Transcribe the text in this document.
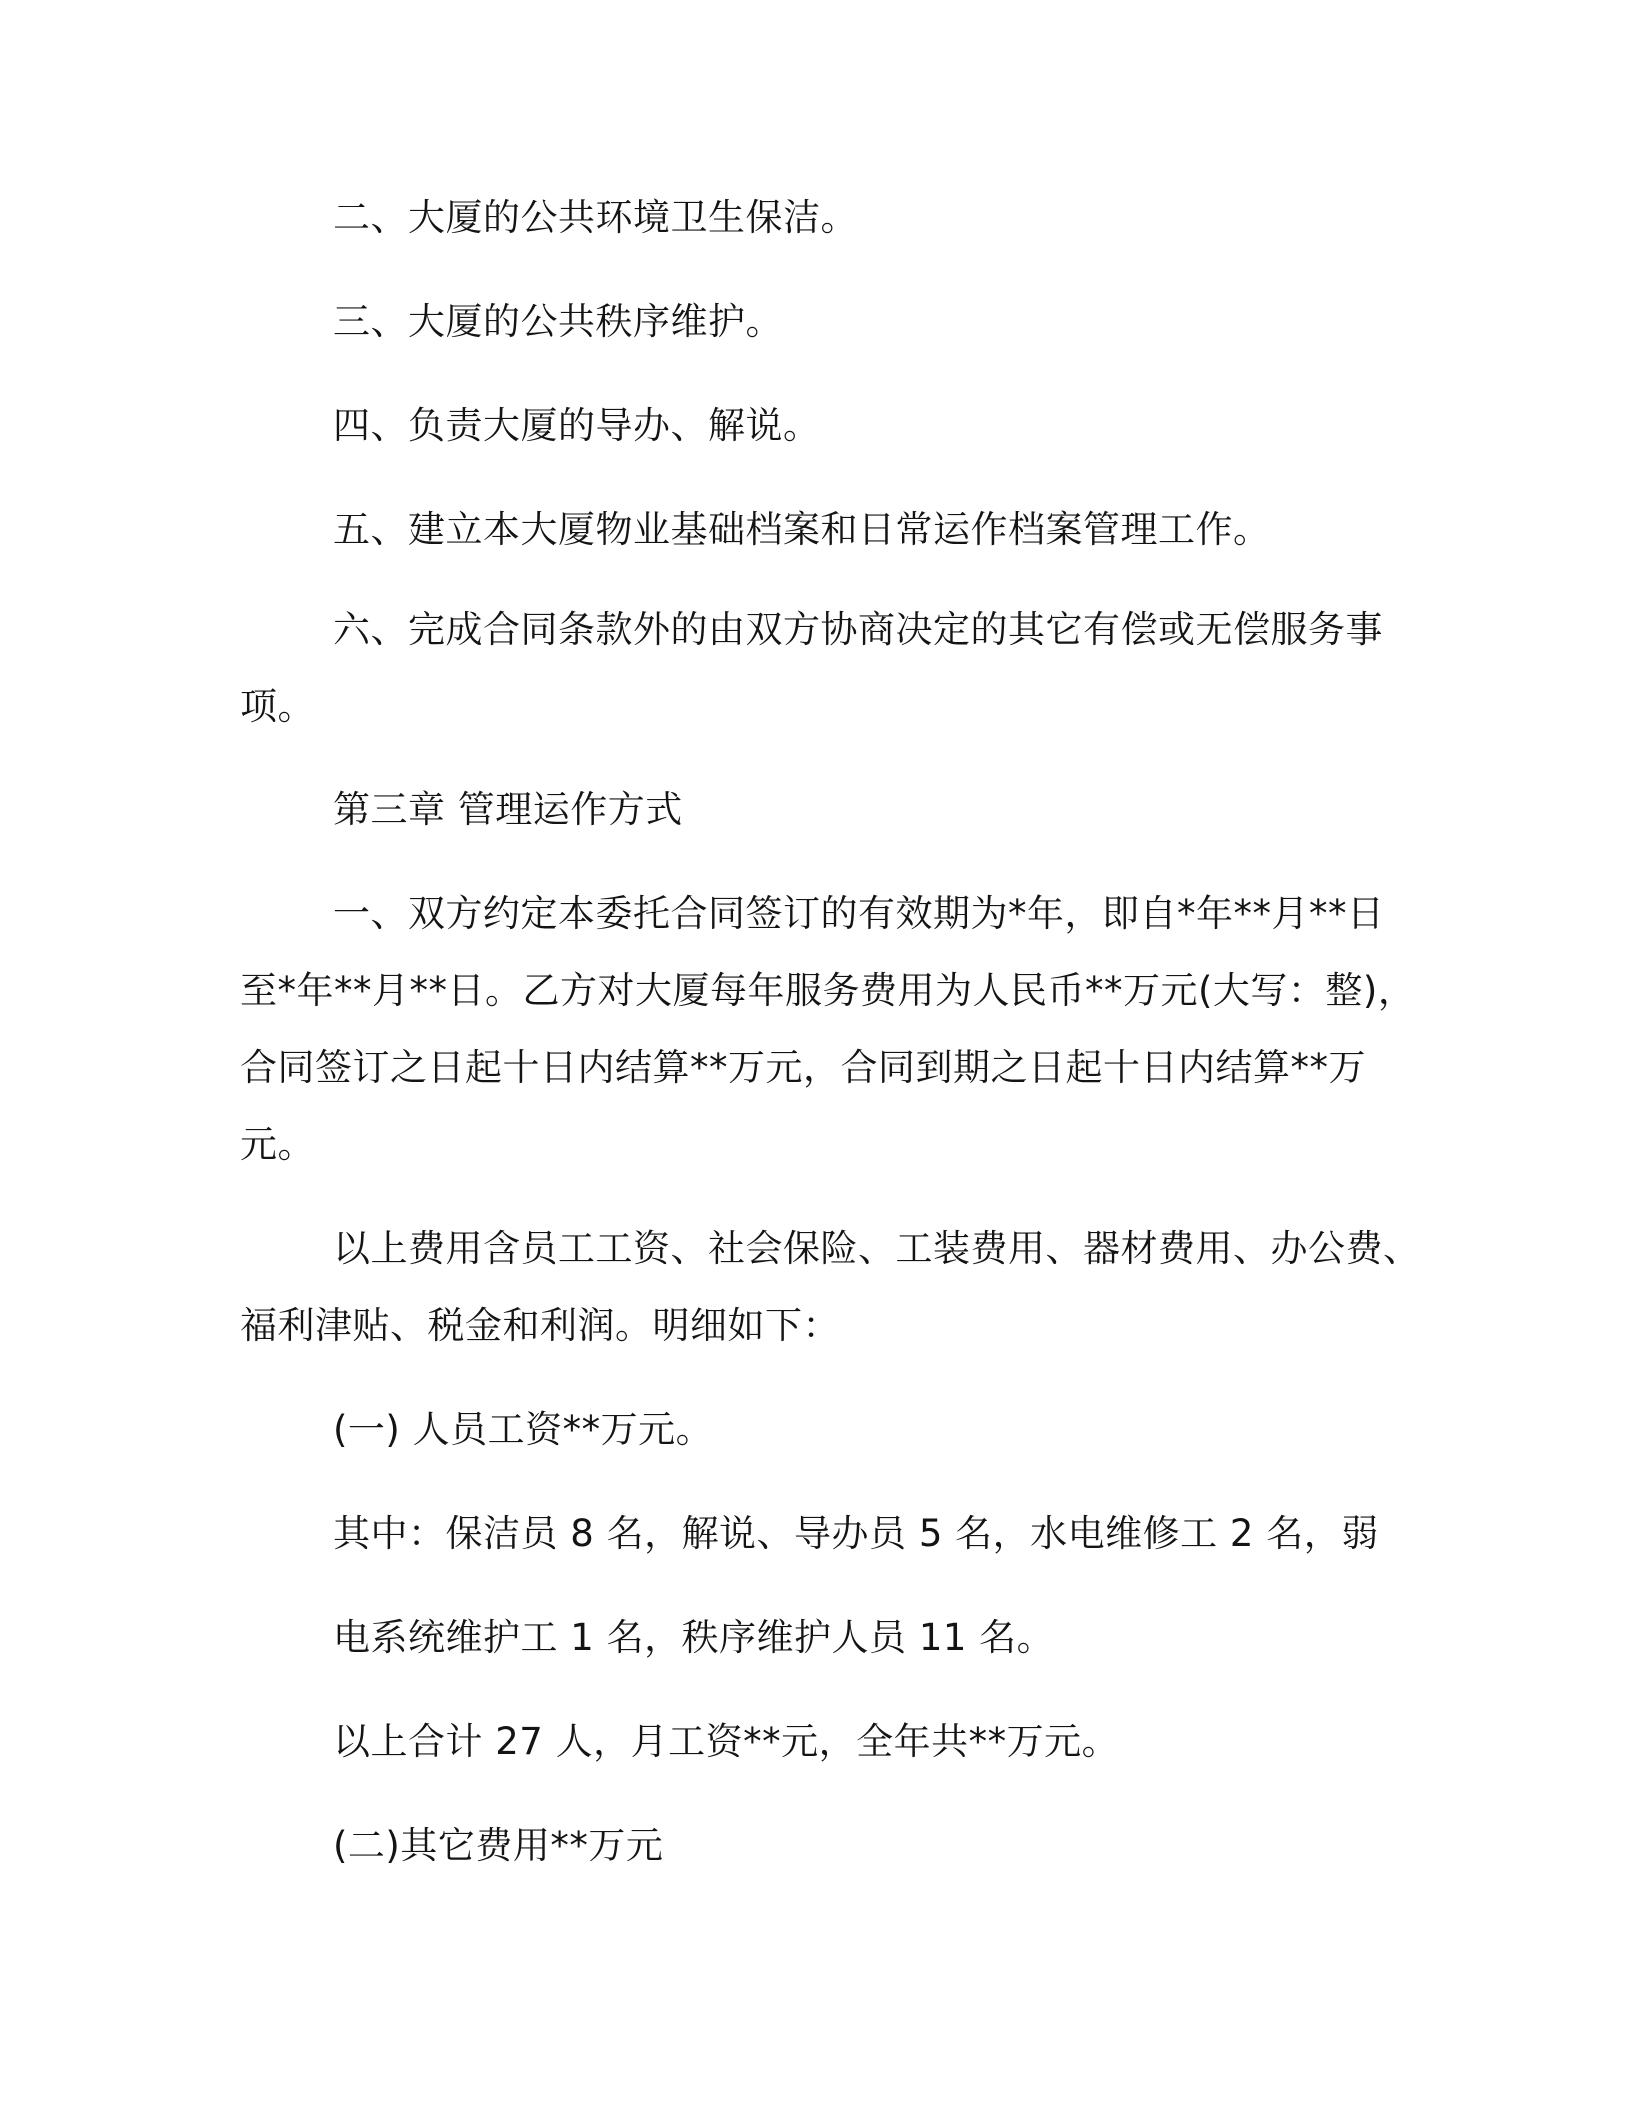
二、大厦的公共环境卫生保洁。
三、大厦的公共秩序维护。
四、负责大厦的导办、解说。
五、建立本大厦物业基础档案和日常运作档案管理工作。
六、完成合同条款外的由双方协商决定的其它有偿或无偿服务事
项。
第三章 管理运作方式
一、双方约定本委托合同签订的有效期为*年，即自*年**月**日
至*年**月**日。乙方对大厦每年服务费用为人民币**万元(大写：整)，
合同签订之日起十日内结算**万元，合同到期之日起十日内结算**万
元。
以上费用含员工工资、社会保险、工装费用、器材费用、办公费、
福利津贴、税金和利润。明细如下：
(一) 人员工资**万元。
其中：保洁员 8 名，解说、导办员 5 名，水电维修工 2 名，弱
电系统维护工 1 名，秩序维护人员 11 名。
以上合计 27 人，月工资**元，全年共**万元。
(二)其它费用**万元
